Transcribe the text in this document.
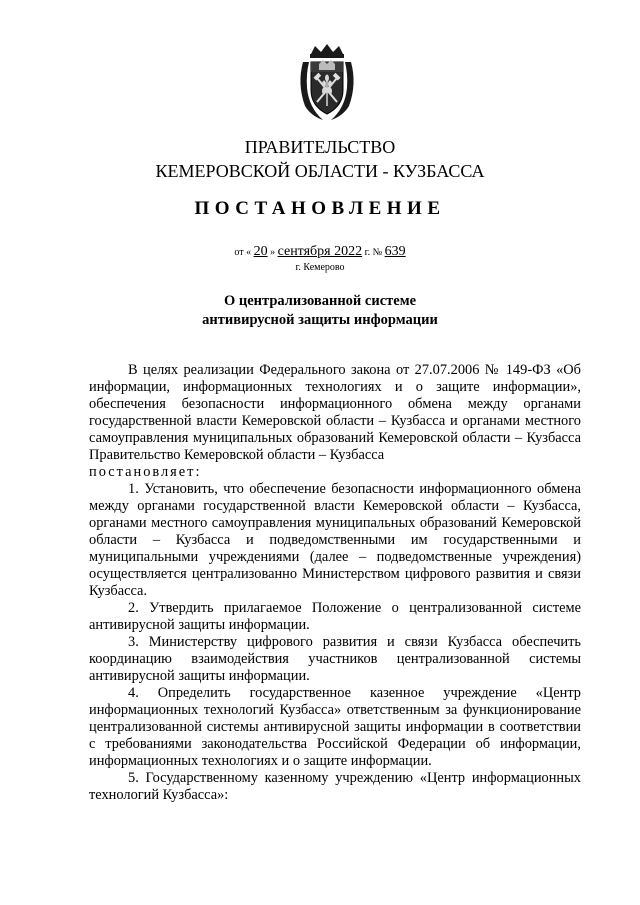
ПРАВИТЕЛЬСТВО
КЕМЕРОВСКОЙ ОБЛАСТИ - КУЗБАССА
ПОСТАНОВЛЕНИЕ
от « 20 » сентября 2022 г. № 639
г. Кемерово
О централизованной системе
антивирусной защиты информации

В целях реализации Федерального закона от 27.07.2006 № 149-ФЗ «Об информации, информационных технологиях и о защите информации», обеспечения безопасности информационного обмена между органами государственной власти Кемеровской области – Кузбасса и органами местного самоуправления муниципальных образований Кемеровской области – Кузбасса Правительство Кемеровской области – Кузбасса

постановляет:

1. Установить, что обеспечение безопасности информационного обмена между органами государственной власти Кемеровской области – Кузбасса, органами местного самоуправления муниципальных образований Кемеровской области – Кузбасса и подведомственными им государственными и муниципальными учреждениями (далее – подведомственные учреждения) осуществляется централизованно Министерством цифрового развития и связи Кузбасса.

2. Утвердить прилагаемое Положение о централизованной системе антивирусной защиты информации.

3. Министерству цифрового развития и связи Кузбасса обеспечить координацию взаимодействия участников централизованной системы антивирусной защиты информации.

4. Определить государственное казенное учреждение «Центр информационных технологий Кузбасса» ответственным за функционирование централизованной системы антивирусной защиты информации в соответствии с требованиями законодательства Российской Федерации об информации, информационных технологиях и о защите информации.

5. Государственному казенному учреждению «Центр информационных технологий Кузбасса»:
